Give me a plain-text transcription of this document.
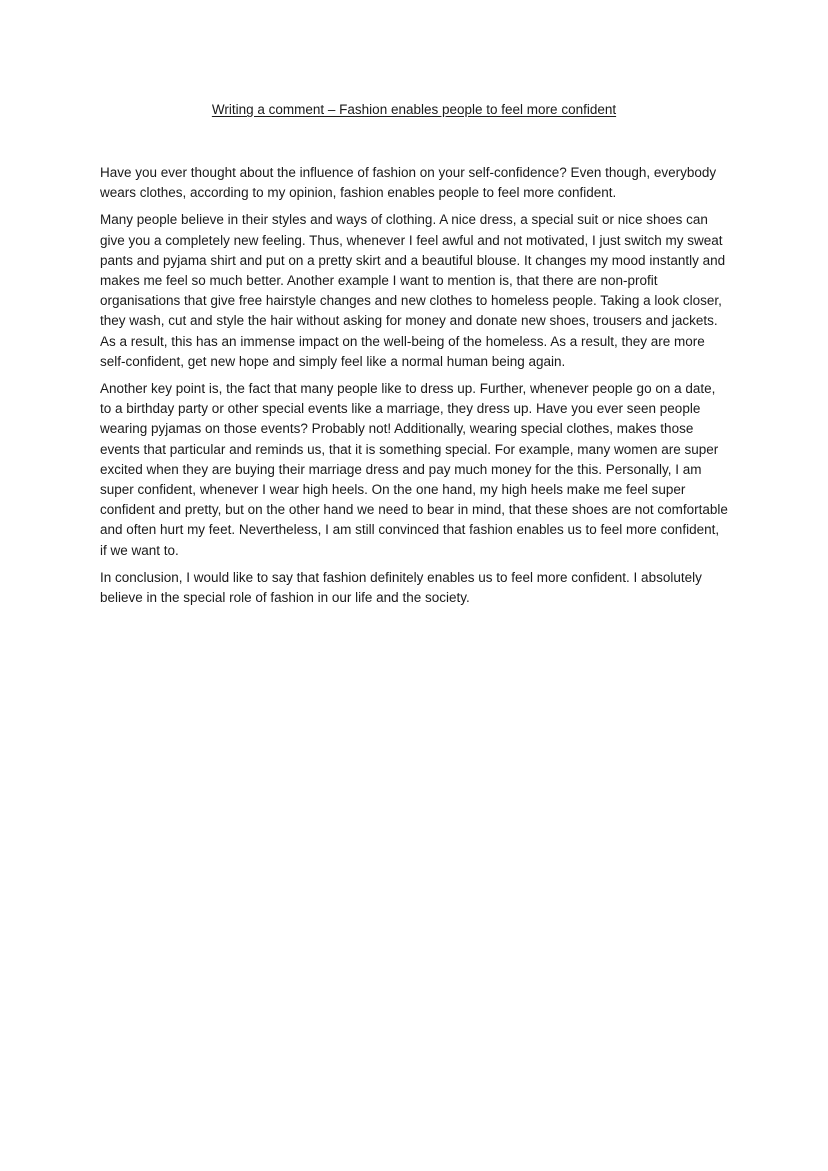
Writing a comment – Fashion enables people to feel more confident

Have you ever thought about the influence of fashion on your self-confidence? Even though, everybody wears clothes, according to my opinion, fashion enables people to feel more confident.

Many people believe in their styles and ways of clothing. A nice dress, a special suit or nice shoes can give you a completely new feeling. Thus, whenever I feel awful and not motivated, I just switch my sweat pants and pyjama shirt and put on a pretty skirt and a beautiful blouse. It changes my mood instantly and makes me feel so much better. Another example I want to mention is, that there are non-profit organisations that give free hairstyle changes and new clothes to homeless people. Taking a look closer, they wash, cut and style the hair without asking for money and donate new shoes, trousers and jackets. As a result, this has an immense impact on the well-being of the homeless. As a result, they are more self-confident, get new hope and simply feel like a normal human being again.

Another key point is, the fact that many people like to dress up. Further, whenever people go on a date, to a birthday party or other special events like a marriage, they dress up. Have you ever seen people wearing pyjamas on those events? Probably not! Additionally, wearing special clothes, makes those events that particular and reminds us, that it is something special. For example, many women are super excited when they are buying their marriage dress and pay much money for the this. Personally, I am super confident, whenever I wear high heels. On the one hand, my high heels make me feel super confident and pretty, but on the other hand we need to bear in mind, that these shoes are not comfortable and often hurt my feet. Nevertheless, I am still convinced that fashion enables us to feel more confident, if we want to.

In conclusion, I would like to say that fashion definitely enables us to feel more confident. I absolutely believe in the special role of fashion in our life and the society.
